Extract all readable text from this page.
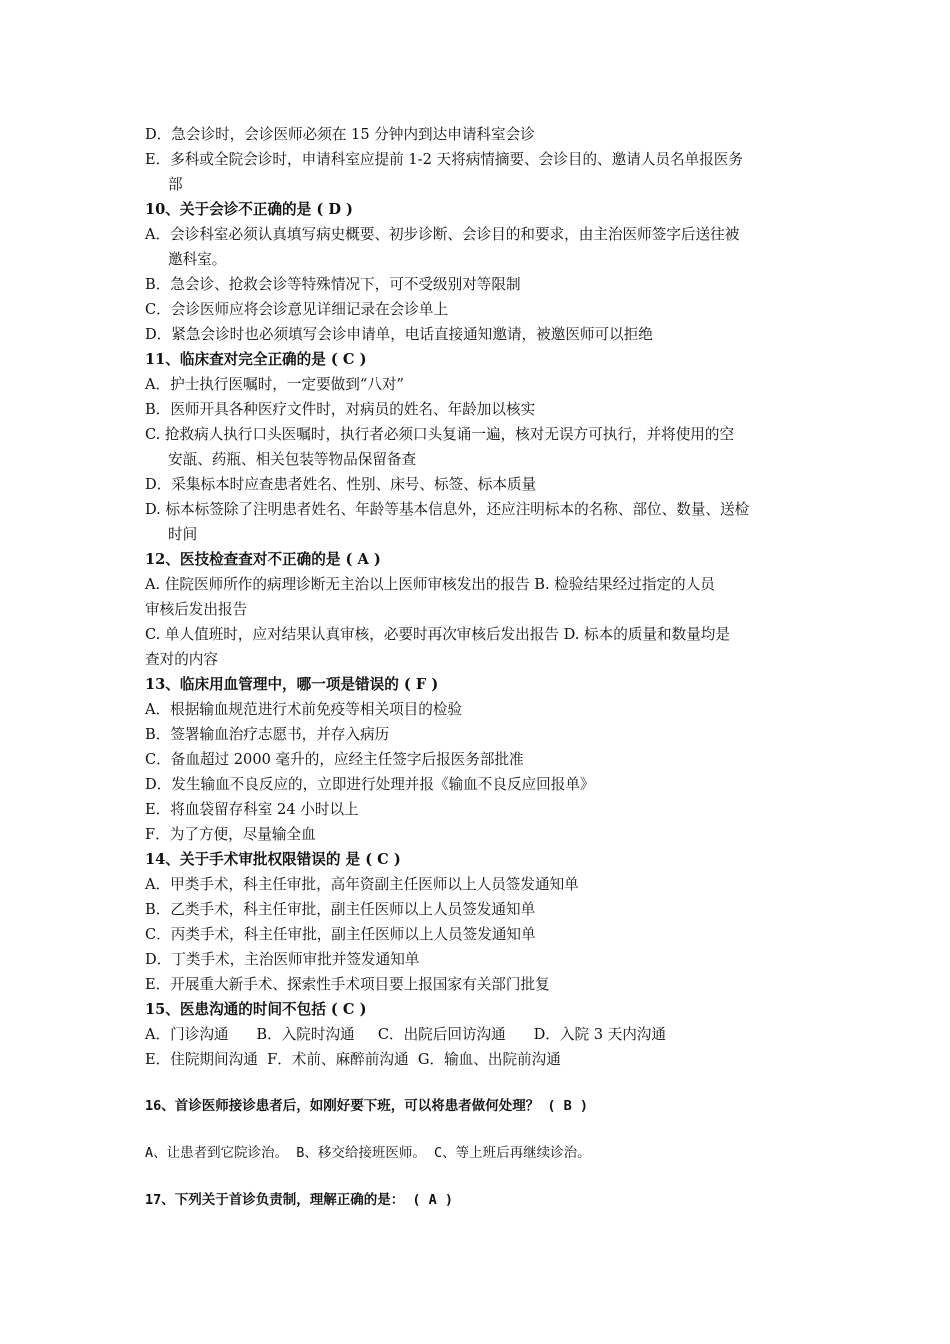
D．急会诊时，会诊医师必须在 15 分钟内到达申请科室会诊
E．多科或全院会诊时，申请科室应提前 1-2 天将病情摘要、会诊目的、邀请人员名单报医务
部
10、关于会诊不正确的是 ( D )
A．会诊科室必须认真填写病史概要、初步诊断、会诊目的和要求，由主治医师签字后送往被
邀科室。
B．急会诊、抢救会诊等特殊情况下，可不受级别对等限制
C．会诊医师应将会诊意见详细记录在会诊单上
D．紧急会诊时也必须填写会诊申请单，电话直接通知邀请，被邀医师可以拒绝
11、临床查对完全正确的是 ( C )
A．护士执行医嘱时，一定要做到“八对”
B．医师开具各种医疗文件时，对病员的姓名、年龄加以核实
C. 抢救病人执行口头医嘱时，执行者必须口头复诵一遍，核对无误方可执行，并将使用的空
安瓿、药瓶、相关包装等物品保留备查
D．采集标本时应查患者姓名、性别、床号、标签、标本质量
D. 标本标签除了注明患者姓名、年龄等基本信息外，还应注明标本的名称、部位、数量、送检
时间
12、医技检查查对不正确的是 ( A )
A. 住院医师所作的病理诊断无主治以上医师审核发出的报告 B. 检验结果经过指定的人员
审核后发出报告
C. 单人值班时，应对结果认真审核，必要时再次审核后发出报告 D. 标本的质量和数量均是
查对的内容
13、临床用血管理中，哪一项是错误的 ( F )
A．根据输血规范进行术前免疫等相关项目的检验
B．签署输血治疗志愿书，并存入病历
C．备血超过 2000 毫升的，应经主任签字后报医务部批准
D．发生输血不良反应的，立即进行处理并报《输血不良反应回报单》
E．将血袋留存科室 24 小时以上
F．为了方便，尽量输全血
14、关于手术审批权限错误的 是 ( C )
A．甲类手术，科主任审批，高年资副主任医师以上人员签发通知单
B．乙类手术，科主任审批，副主任医师以上人员签发通知单
C．丙类手术，科主任审批，副主任医师以上人员签发通知单
D．丁类手术，主治医师审批并签发通知单
E．开展重大新手术、探索性手术项目要上报国家有关部门批复
15、医患沟通的时间不包括 ( C )
A．门诊沟通      B．入院时沟通     C．出院后回访沟通      D．入院 3 天内沟通
E．住院期间沟通  F．术前、麻醉前沟通  G．输血、出院前沟通
16、首诊医师接诊患者后，如刚好要下班，可以将患者做何处理？ ( B )
A、让患者到它院诊治。 B、移交给接班医师。 C、等上班后再继续诊治。
17、下列关于首诊负责制，理解正确的是： ( A )
